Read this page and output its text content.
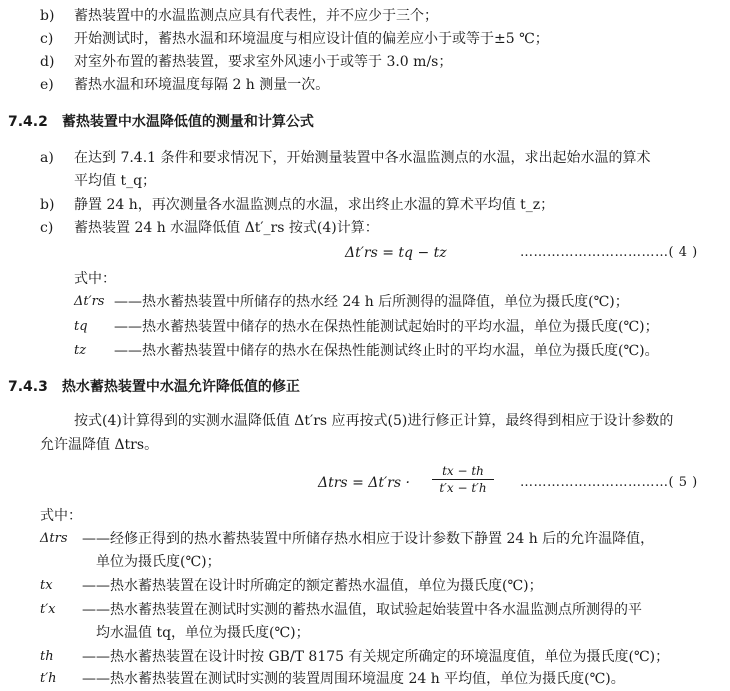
b) 蓄热装置中的水温监测点应具有代表性，并不应少于三个；
c) 开始测试时，蓄热水温和环境温度与相应设计值的偏差应小于或等于±5 ℃；
d) 对室外布置的蓄热装置，要求室外风速小于或等于 3.0 m/s；
e) 蓄热水温和环境温度每隔 2 h 测量一次。
7.4.2 蓄热装置中水温降低值的测量和计算公式
a) 在达到 7.4.1 条件和要求情况下，开始测量装置中各水温监测点的水温，求出起始水温的算术
平均值 t_q；
b) 静置 24 h，再次测量各水温监测点的水温，求出终止水温的算术平均值 t_z；
c) 蓄热装置 24 h 水温降低值 Δt′_rs 按式(4)计算：
Δt′rs = tq − tz	……………………………( 4 )
式中：
Δt′rs ——热水蓄热装置中所储存的热水经 24 h 后所测得的温降值，单位为摄氏度(℃)；
tq ——热水蓄热装置中储存的热水在保热性能测试起始时的平均水温，单位为摄氏度(℃)；
tz ——热水蓄热装置中储存的热水在保热性能测试终止时的平均水温，单位为摄氏度(℃)。
7.4.3 热水蓄热装置中水温允许降低值的修正
按式(4)计算得到的实测水温降低值 Δt′rs 应再按式(5)进行修正计算，最终得到相应于设计参数的
允许温降值 Δtrs。
Δtrs = Δt′rs ·
tx − th
t′x − t′h	……………………………( 5 )
式中：
Δtrs ——经修正得到的热水蓄热装置中所储存热水相应于设计参数下静置 24 h 后的允许温降值，
单位为摄氏度(℃)；
tx ——热水蓄热装置在设计时所确定的额定蓄热水温值，单位为摄氏度(℃)；
t′x ——热水蓄热装置在测试时实测的蓄热水温值，取试验起始装置中各水温监测点所测得的平
均水温值 tq，单位为摄氏度(℃)；
th ——热水蓄热装置在设计时按 GB/T 8175 有关规定所确定的环境温度值，单位为摄氏度(℃)；
t′h ——热水蓄热装置在测试时实测的装置周围环境温度 24 h 平均值，单位为摄氏度(℃)。
